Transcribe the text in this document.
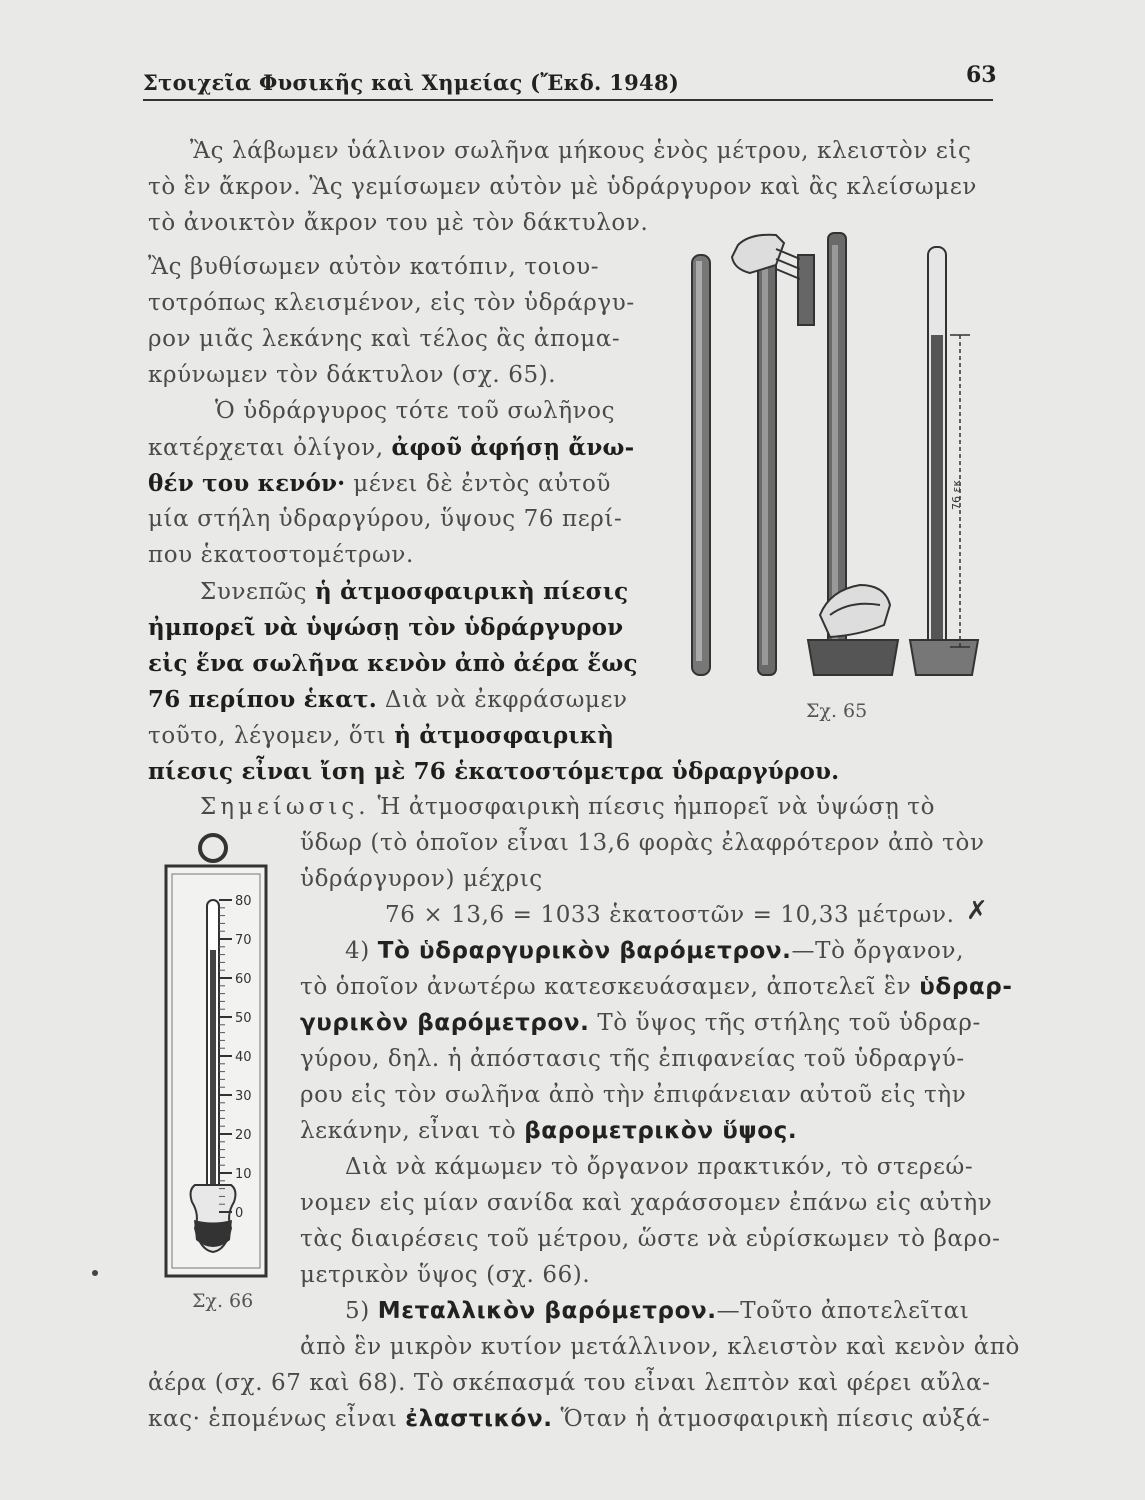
Στοιχεῖα Φυσικῆς καὶ Χημείας (Ἔκδ. 1948)	63
Ἂς λάβωμεν ὑάλινον σωλῆνα μήκους ἑνὸς μέτρου, κλειστὸν εἰς
τὸ ἓν ἄκρον. Ἂς γεμίσωμεν αὐτὸν μὲ ὑδράργυρον καὶ ἂς κλείσωμεν
τὸ ἀνοικτὸν ἄκρον του μὲ τὸν δάκτυλον.
Ἂς βυθίσωμεν αὐτὸν κατόπιν, τοιου-
τοτρόπως κλεισμένον, εἰς τὸν ὑδράργυ-
ρον μιᾶς λεκάνης καὶ τέλος ἂς ἀπομα-
κρύνωμεν τὸν δάκτυλον (σχ. 65).
Ὁ ὑδράργυρος τότε τοῦ σωλῆνος
κατέρχεται ὀλίγον, ἀφοῦ ἀφήσῃ ἄνω-
θέν του κενόν· μένει δὲ ἐντὸς αὐτοῦ
μία στήλη ὑδραργύρου, ὕψους 76 περί-
που ἑκατοστομέτρων.
Συνεπῶς ἡ ἀτμοσφαιρικὴ πίεσις
ἠμπορεῖ νὰ ὑψώσῃ τὸν ὑδράργυρον
εἰς ἕνα σωλῆνα κενὸν ἀπὸ ἀέρα ἕως
76 περίπου ἑκατ. Διὰ νὰ ἐκφράσωμεν
τοῦτο, λέγομεν, ὅτι ἡ ἀτμοσφαιρικὴ
πίεσις εἶναι ἴση μὲ 76 ἑκατοστόμετρα ὑδραργύρου.
Σημείωσις. Ἡ ἀτμοσφαιρικὴ πίεσις ἠμπορεῖ νὰ ὑψώσῃ τὸ
ὕδωρ (τὸ ὁποῖον εἶναι 13,6 φορὰς ἐλαφρότερον ἀπὸ τὸν
ὑδράργυρον) μέχρις
76 × 13,6 = 1033 ἑκατοστῶν = 10,33 μέτρων. ✗
4) Τὸ ὑδραργυρικὸν βαρόμετρον.—Τὸ ὄργανον,
τὸ ὁποῖον ἀνωτέρω κατεσκευάσαμεν, ἀποτελεῖ ἓν ὑδραρ-
γυρικὸν βαρόμετρον. Τὸ ὕψος τῆς στήλης τοῦ ὑδραρ-
γύρου, δηλ. ἡ ἀπόστασις τῆς ἐπιφανείας τοῦ ὑδραργύ-
ρου εἰς τὸν σωλῆνα ἀπὸ τὴν ἐπιφάνειαν αὐτοῦ εἰς τὴν
λεκάνην, εἶναι τὸ βαρομετρικὸν ὕψος.
Διὰ νὰ κάμωμεν τὸ ὄργανον πρακτικόν, τὸ στερεώ-
νομεν εἰς μίαν σανίδα καὶ χαράσσομεν ἐπάνω εἰς αὐτὴν
τὰς διαιρέσεις τοῦ μέτρου, ὥστε νὰ εὑρίσκωμεν τὸ βαρο-
μετρικὸν ὕψος (σχ. 66).
5) Μεταλλικὸν βαρόμετρον.—Τοῦτο ἀποτελεῖται
ἀπὸ ἓν μικρὸν κυτίον μετάλλινον, κλειστὸν καὶ κενὸν ἀπὸ
ἀέρα (σχ. 67 καὶ 68). Τὸ σκέπασμά του εἶναι λεπτὸν καὶ φέρει αὔλα-
κας· ἑπομένως εἶναι ἐλαστικόν. Ὅταν ἡ ἀτμοσφαιρικὴ πίεσις αὐξά-
76 εκ
Σχ. 65
80
70
60
50
40
30
20
10
0
Σχ. 66
